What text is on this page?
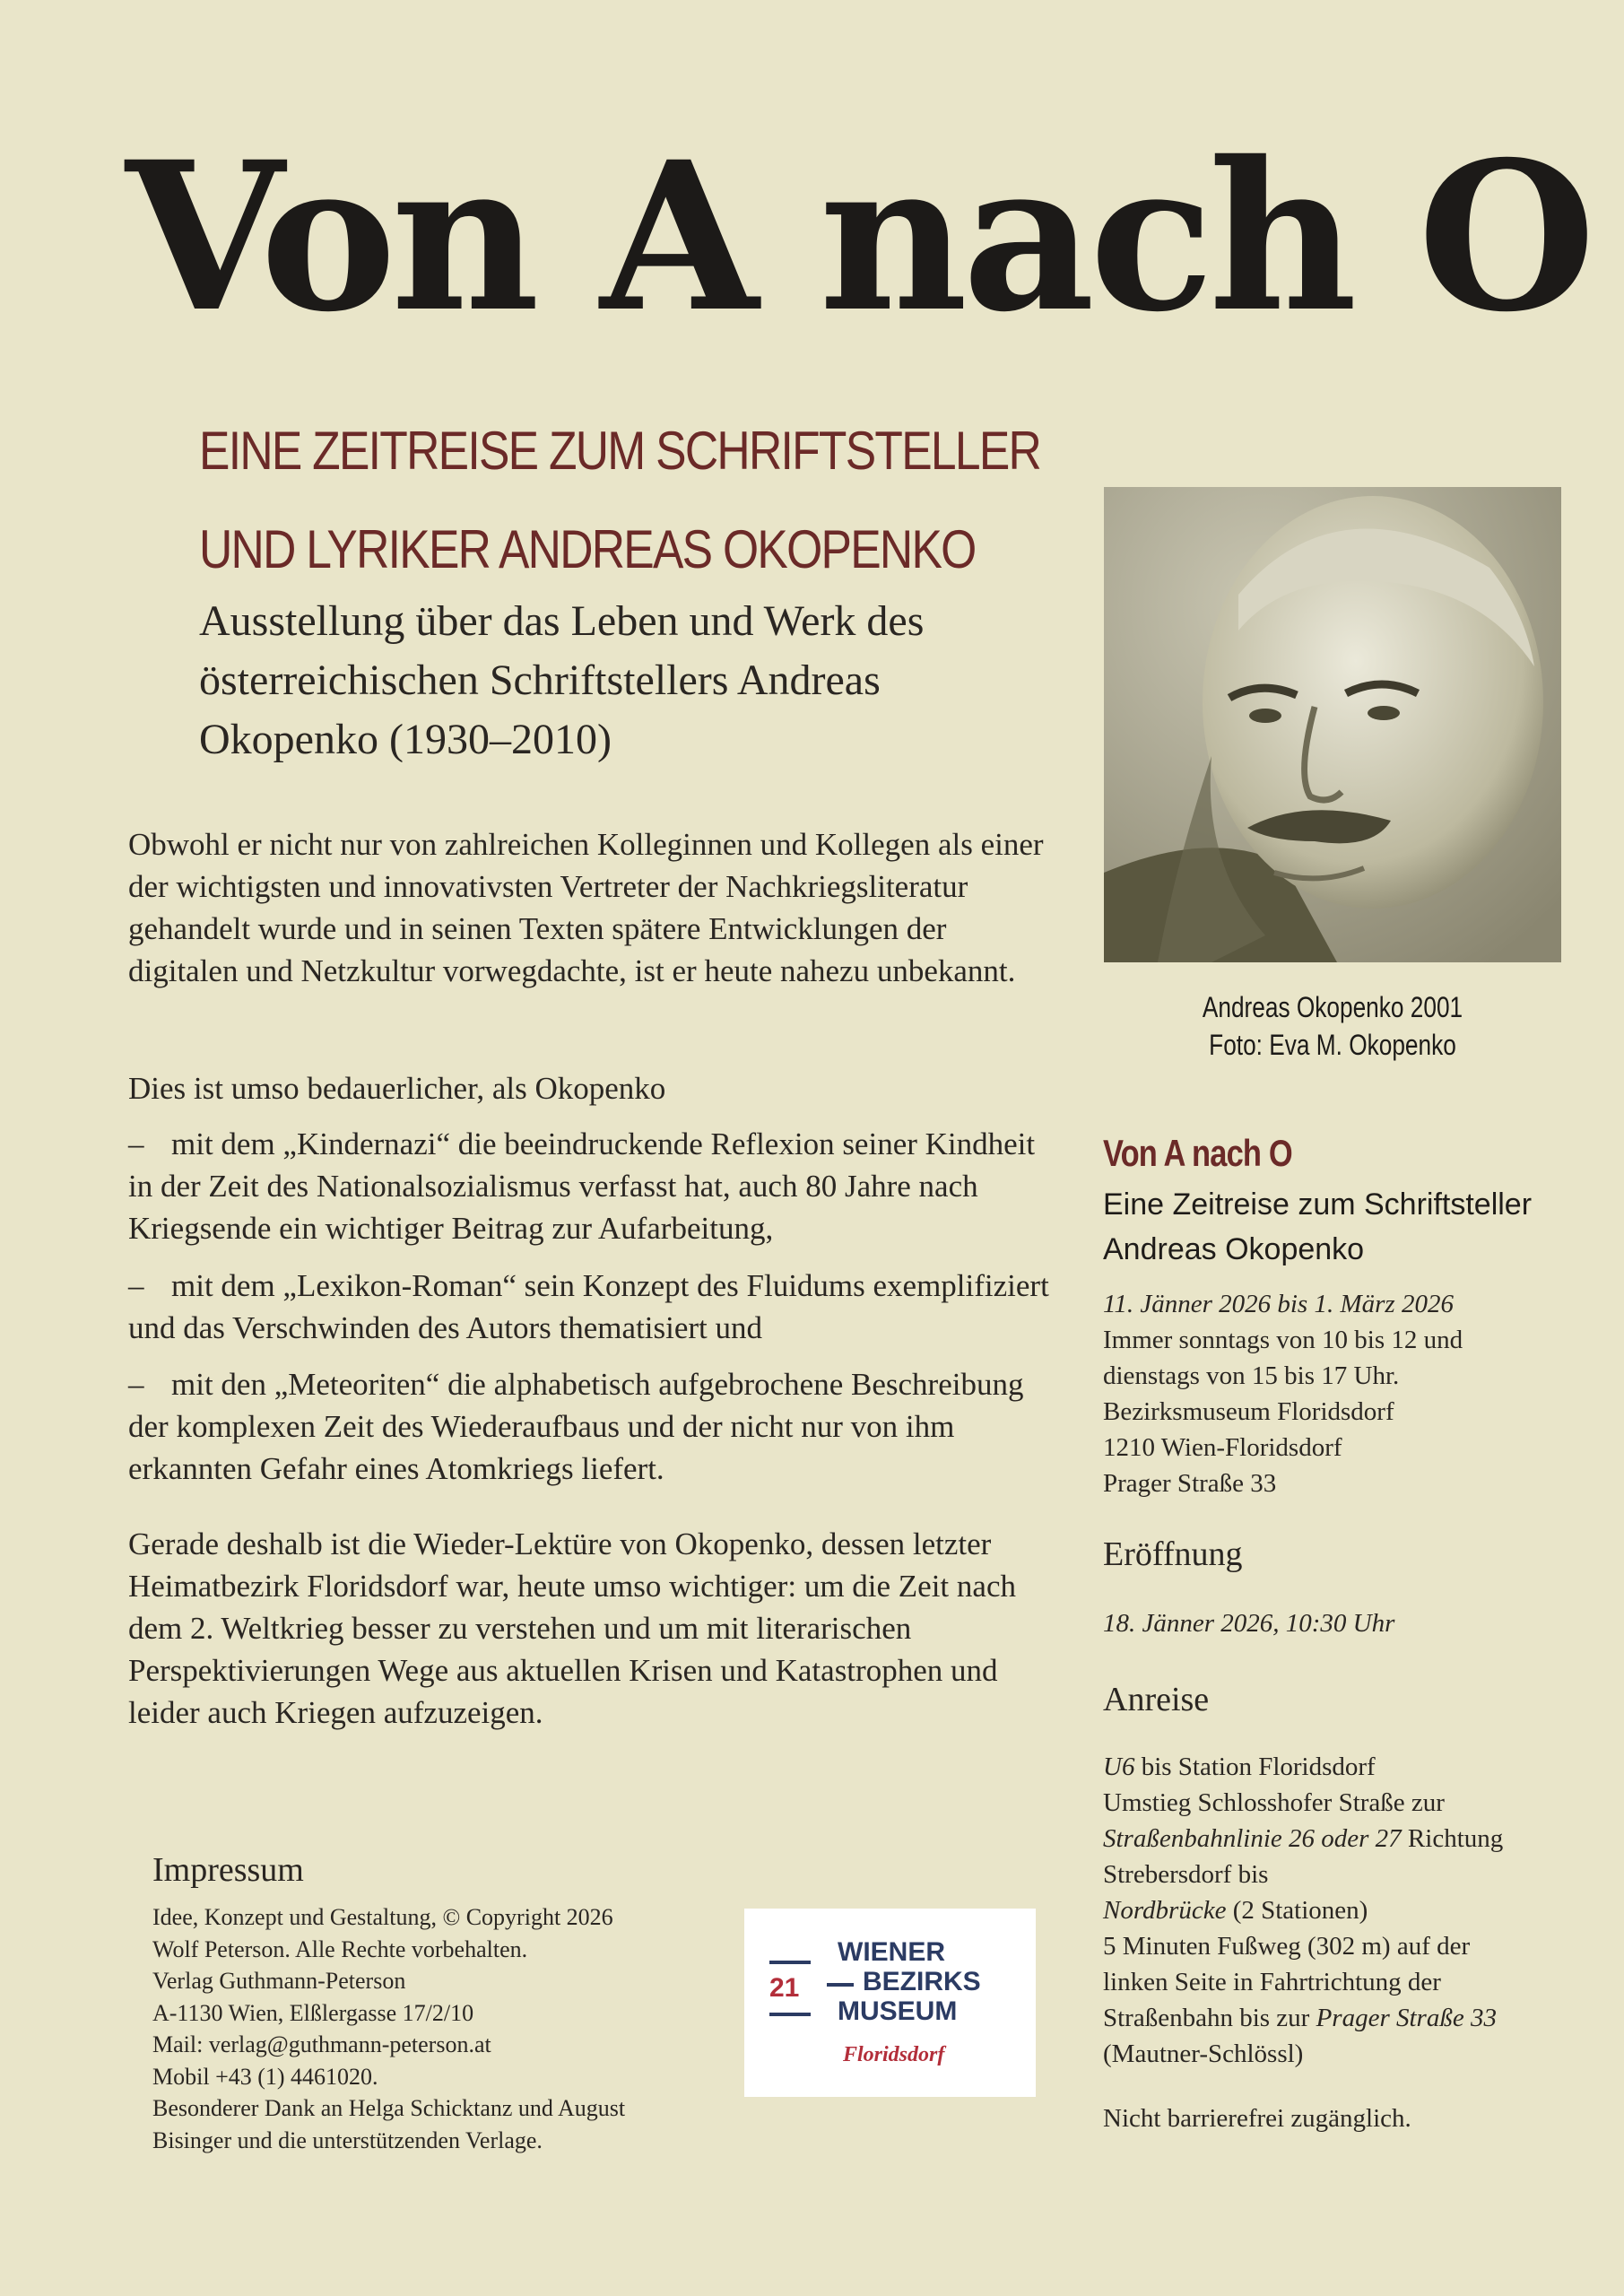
Von A nach O
EINE ZEITREISE ZUM SCHRIFTSTELLER
UND LYRIKER ANDREAS OKOPENKO
Ausstellung über das Leben und Werk des österreichischen Schriftstellers Andreas Okopenko (1930–2010)

Obwohl er nicht nur von zahlreichen Kolleginnen und Kollegen als einer der wichtigsten und innovativsten Vertreter der Nachkriegsliteratur gehandelt wurde und in seinen Texten spätere Entwicklungen der digitalen und Netzkultur vorwegdachte, ist er heute nahezu unbekannt.

Dies ist umso bedauerlicher, als Okopenko

– mit dem „Kindernazi“ die beeindruckende Reflexion seiner Kindheit in der Zeit des Nationalsozialismus verfasst hat, auch 80 Jahre nach Kriegsende ein wichtiger Beitrag zur Aufarbeitung,

– mit dem „Lexikon-Roman“ sein Konzept des Fluidums exemplifiziert und das Verschwinden des Autors thematisiert und

– mit den „Meteoriten“ die alphabetisch aufgebrochene Beschreibung der komplexen Zeit des Wiederaufbaus und der nicht nur von ihm erkannten Gefahr eines Atomkriegs liefert.

Gerade deshalb ist die Wieder-Lektüre von Okopenko, dessen letzter Heimatbezirk Floridsdorf war, heute umso wichtiger: um die Zeit nach dem 2. Weltkrieg besser zu verstehen und um mit literarischen Perspektivierungen Wege aus aktuellen Krisen und Katastrophen und leider auch Kriegen aufzuzeigen.

Andreas Okopenko 2001
Foto: Eva M. Okopenko
Von A nach O
Eine Zeitreise zum Schriftsteller
Andreas Okopenko
11. Jänner 2026 bis 1. März 2026
Immer sonntags von 10 bis 12 und
dienstags von 15 bis 17 Uhr.
Bezirksmuseum Floridsdorf
1210 Wien-Floridsdorf
Prager Straße 33
Eröffnung
18. Jänner 2026, 10:30 Uhr
Anreise
U6 bis Station Floridsdorf
Umstieg Schlosshofer Straße zur
Straßenbahnlinie 26 oder 27 Richtung
Strebersdorf bis
Nordbrücke (2 Stationen)
5 Minuten Fußweg (302 m) auf der
linken Seite in Fahrtrichtung der
Straßenbahn bis zur Prager Straße 33
(Mautner-Schlössl)
Nicht barrierefrei zugänglich.
Impressum
Idee, Konzept und Gestaltung, © Copyright 2026
Wolf Peterson. Alle Rechte vorbehalten.
Verlag Guthmann-Peterson
A-1130 Wien, Elßlergasse 17/2/10
Mail: verlag@guthmann-peterson.at
Mobil +43 (1) 4461020.
Besonderer Dank an Helga Schicktanz und August
Bisinger und die unterstützenden Verlage.
21
WIENER
BEZIRKS
MUSEUM
Floridsdorf
